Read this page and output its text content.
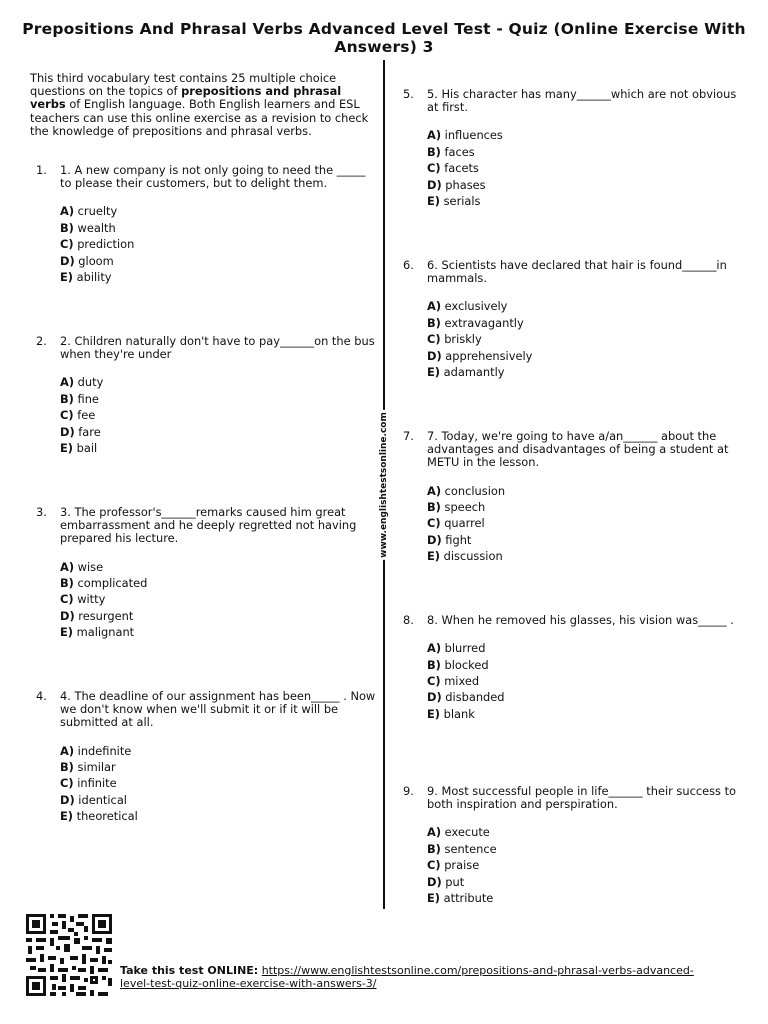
Prepositions And Phrasal Verbs Advanced Level Test - Quiz (Online Exercise With Answers) 3
This third vocabulary test contains 25 multiple choice questions on the topics of prepositions and phrasal verbs of English language. Both English learners and ESL teachers can use this online exercise as a revision to check the knowledge of prepositions and phrasal verbs.
1. 1. A new company is not only going to need the _____ to please their customers, but to delight them.
A) cruelty
B) wealth
C) prediction
D) gloom
E) ability
2. 2. Children naturally don't have to pay______on the bus when they're under
A) duty
B) fine
C) fee
D) fare
E) bail
3. 3. The professor's______remarks caused him great embarrassment and he deeply regretted not having prepared his lecture.
A) wise
B) complicated
C) witty
D) resurgent
E) malignant
4. 4. The deadline of our assignment has been_____ . Now we don't know when we'll submit it or if it will be submitted at all.
A) indefinite
B) similar
C) infinite
D) identical
E) theoretical
www.englishtestsonline.com
5. 5. His character has many______which are not obvious at first.
A) influences
B) faces
C) facets
D) phases
E) serials
6. 6. Scientists have declared that hair is found______in mammals.
A) exclusively
B) extravagantly
C) briskly
D) apprehensively
E) adamantly
7. 7. Today, we're going to have a/an______ about the advantages and disadvantages of being a student at METU in the lesson.
A) conclusion
B) speech
C) quarrel
D) fight
E) discussion
8. 8. When he removed his glasses, his vision was_____ .
A) blurred
B) blocked
C) mixed
D) disbanded
E) blank
9. 9. Most successful people in life______ their success to both inspiration and perspiration.
A) execute
B) sentence
C) praise
D) put
E) attribute
Take this test ONLINE: https://www.englishtestsonline.com/prepositions-and-phrasal-verbs-advanced-level-test-quiz-online-exercise-with-answers-3/
